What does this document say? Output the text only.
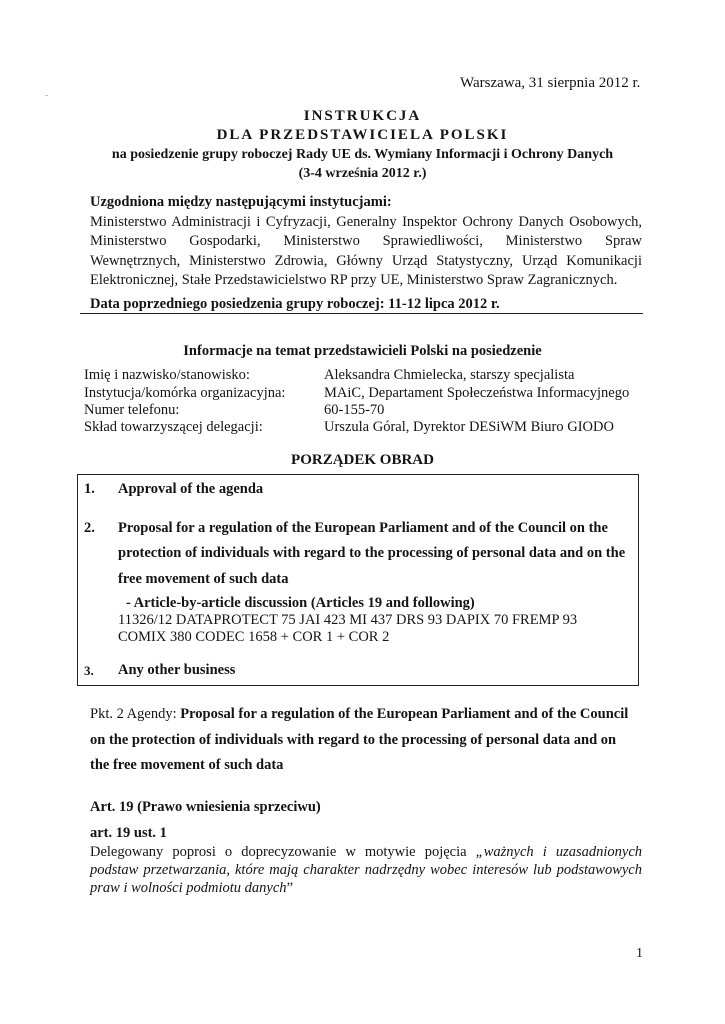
Warszawa, 31 sierpnia 2012 r.
INSTRUKCJA
DLA PRZEDSTAWICIELA POLSKI
na posiedzenie grupy roboczej Rady UE ds. Wymiany Informacji i Ochrony Danych
(3-4 września 2012 r.)
Uzgodniona między następującymi instytucjami:
Ministerstwo Administracji i Cyfryzacji, Generalny Inspektor Ochrony Danych Osobowych,
Ministerstwo Gospodarki, Ministerstwo Sprawiedliwości, Ministerstwo Spraw
Wewnętrznych, Ministerstwo Zdrowia, Główny Urząd Statystyczny, Urząd Komunikacji
Elektronicznej, Stałe Przedstawicielstwo RP przy UE, Ministerstwo Spraw Zagranicznych.
Data poprzedniego posiedzenia grupy roboczej: 11-12 lipca 2012 r.
Informacje na temat przedstawicieli Polski na posiedzenie
Imię i nazwisko/stanowisko:	Aleksandra Chmielecka, starszy specjalista
Instytucja/komórka organizacyjna:	MAiC, Departament Społeczeństwa Informacyjnego
Numer telefonu:	60-155-70
Skład towarzyszącej delegacji:	Urszula Góral, Dyrektor DESiWM Biuro GIODO
PORZĄDEK OBRAD
1. Approval of the agenda
2. Proposal for a regulation of the European Parliament and of the Council on the
protection of individuals with regard to the processing of personal data and on the
free movement of such data
- Article-by-article discussion (Articles 19 and following)
11326/12 DATAPROTECT 75 JAI 423 MI 437 DRS 93 DAPIX 70 FREMP 93
COMIX 380 CODEC 1658 + COR 1 + COR 2
3. Any other business
Pkt. 2 Agendy: Proposal for a regulation of the European Parliament and of the Council
on the protection of individuals with regard to the processing of personal data and on
the free movement of such data
Art. 19 (Prawo wniesienia sprzeciwu)
art. 19 ust. 1
Delegowany poprosi o doprecyzowanie w motywie pojęcia „ważnych i uzasadnionych
podstaw przetwarzania, które mają charakter nadrzędny wobec interesów lub podstawowych
praw i wolności podmiotu danych”
1
